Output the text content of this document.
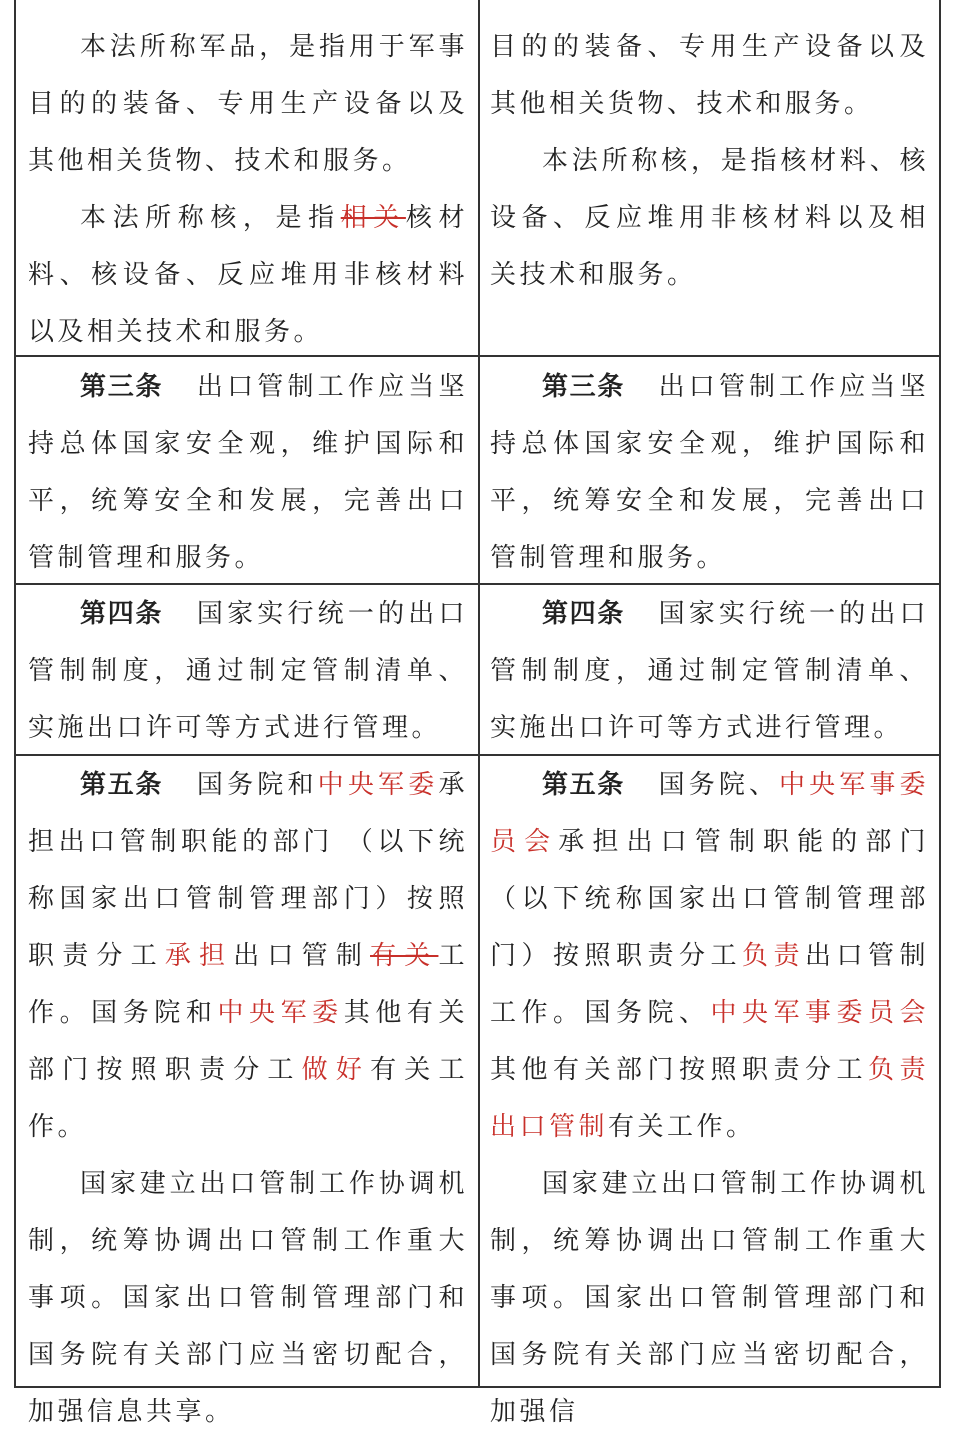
本法所称军品，是指用于军事目的的装备、专用生产设备以及其他相关货物、技术和服务。

本法所称核，是指相关核材料、核设备、反应堆用非核材料以及相关技术和服务。

目的的装备、专用生产设备以及其他相关货物、技术和服务。

本法所称核，是指核材料、核设备、反应堆用非核材料以及相关技术和服务。

第三条 出口管制工作应当坚持总体国家安全观，维护国际和平，统筹安全和发展，完善出口管制管理和服务。

第三条 出口管制工作应当坚持总体国家安全观，维护国际和平，统筹安全和发展，完善出口管制管理和服务。

第四条 国家实行统一的出口管制制度，通过制定管制清单、实施出口许可等方式进行管理。

第四条 国家实行统一的出口管制制度，通过制定管制清单、实施出口许可等方式进行管理。

第五条 国务院和中央军委承担出口管制职能的部门 （以下统称国家出口管制管理部门）按照职责分工承担出口管制有关工作。国务院和中央军委其他有关部门按照职责分工做好有关工作。

国家建立出口管制工作协调机制，统筹协调出口管制工作重大事项。国家出口管制管理部门和国务院有关部门应当密切配合，加强信息共享。

第五条 国务院、中央军事委员会承担出口管制职能的部门（以下统称国家出口管制管理部门）按照职责分工负责出口管制工作。国务院、中央军事委员会其他有关部门按照职责分工负责出口管制有关工作。

国家建立出口管制工作协调机制，统筹协调出口管制工作重大事项。国家出口管制管理部门和国务院有关部门应当密切配合，加强信
